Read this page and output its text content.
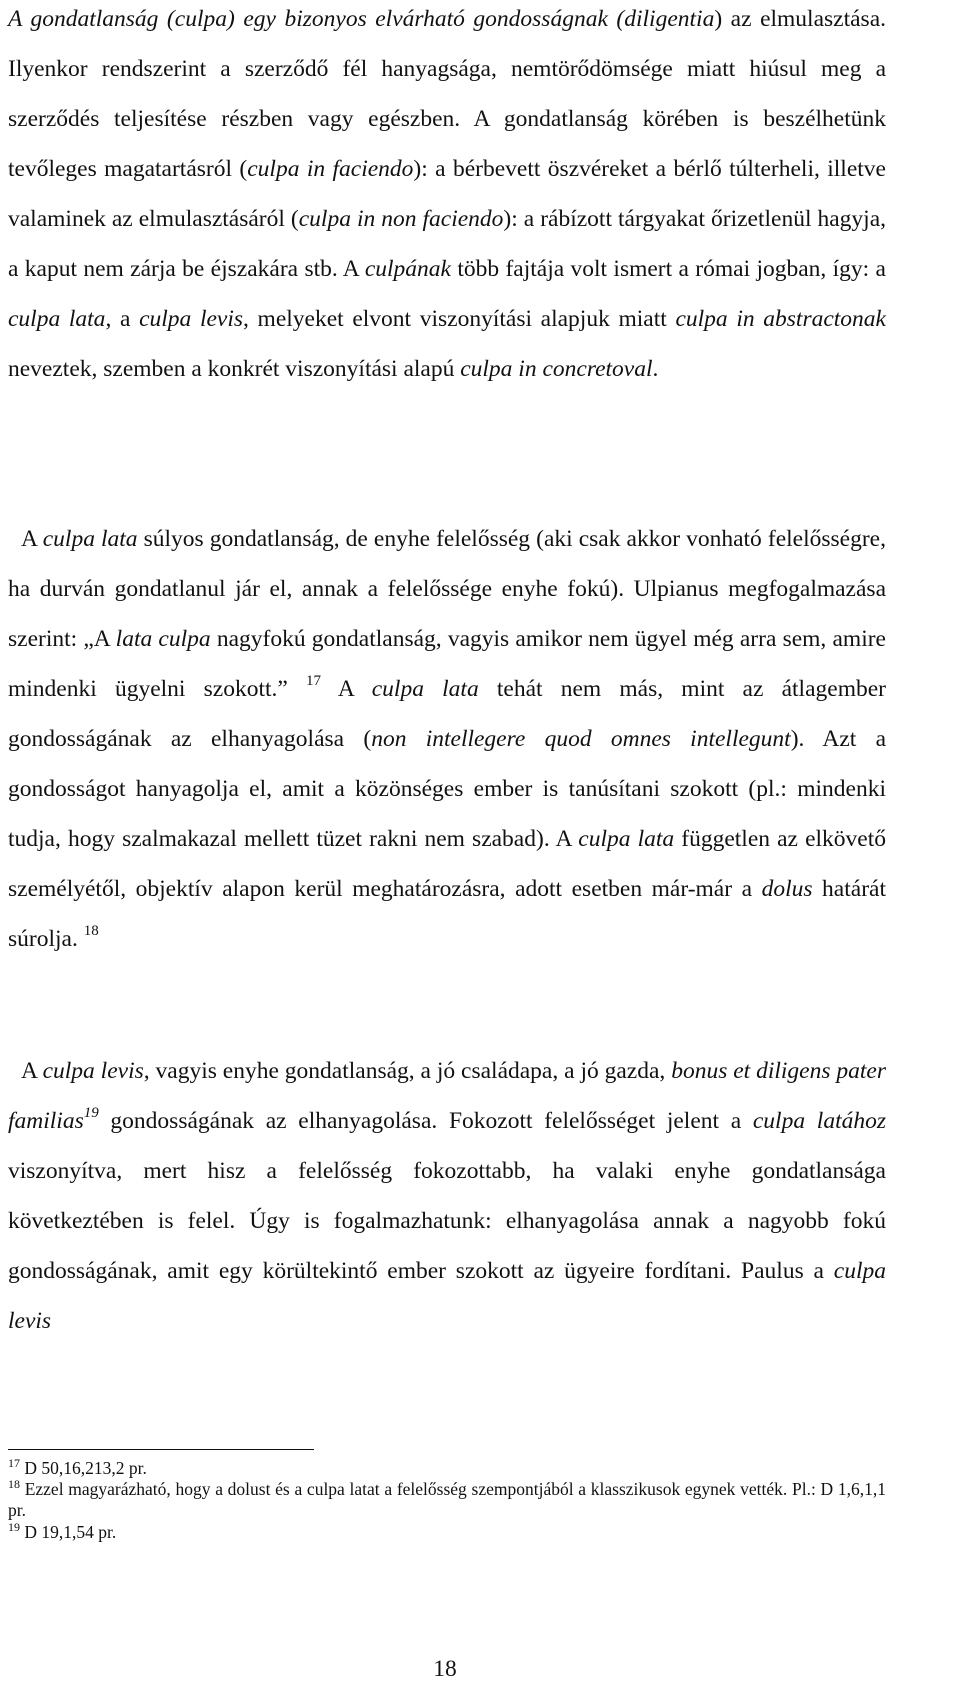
A gondatlanság (culpa) egy bizonyos elvárható gondosságnak (diligentia) az elmulasztása. Ilyenkor rendszerint a szerződő fél hanyagsága, nemtörődömsége miatt hiúsul meg a szerződés teljesítése részben vagy egészben. A gondatlanság körében is beszélhetünk tevőleges magatartásról (culpa in faciendo): a bérbevett öszvéreket a bérlő túlterheli, illetve valaminek az elmulasztásáról (culpa in non faciendo): a rábízott tárgyakat őrizetlenül hagyja, a kaput nem zárja be éjszakára stb. A culpának több fajtája volt ismert a római jogban, így: a culpa lata, a culpa levis, melyeket elvont viszonyítási alapjuk miatt culpa in abstractonak neveztek, szemben a konkrét viszonyítási alapú culpa in concretoval.

A culpa lata súlyos gondatlanság, de enyhe felelősség (aki csak akkor vonható felelősségre, ha durván gondatlanul jár el, annak a felelőssége enyhe fokú). Ulpianus megfogalmazása szerint: „A lata culpa nagyfokú gondatlanság, vagyis amikor nem ügyel még arra sem, amire mindenki ügyelni szokott.” $^{17}$ A culpa lata tehát nem más, mint az átlagember gondosságának az elhanyagolása (non intellegere quod omnes intellegunt). Azt a gondosságot hanyagolja el, amit a közönséges ember is tanúsítani szokott (pl.: mindenki tudja, hogy szalmakazal mellett tüzet rakni nem szabad). A culpa lata független az elkövető személyétől, objektív alapon kerül meghatározásra, adott esetben már-már a dolus határát súrolja. $^{18}$

A culpa levis, vagyis enyhe gondatlanság, a jó családapa, a jó gazda, bonus et diligens pater familias$^{19}$ gondosságának az elhanyagolása. Fokozott felelősséget jelent a culpa latához viszonyítva, mert hisz a felelősség fokozottabb, ha valaki enyhe gondatlansága következtében is felel. Úgy is fogalmazhatunk: elhanyagolása annak a nagyobb fokú gondosságának, amit egy körültekintő ember szokott az ügyeire fordítani. Paulus a culpa levis

$^{17}$ D 50,16,213,2 pr.

$^{18}$ Ezzel magyarázható, hogy a dolust és a culpa latat a felelősség szempontjából a klasszikusok egynek vették. Pl.: D 1,6,1,1 pr.

$^{19}$ D 19,1,54 pr.

18
